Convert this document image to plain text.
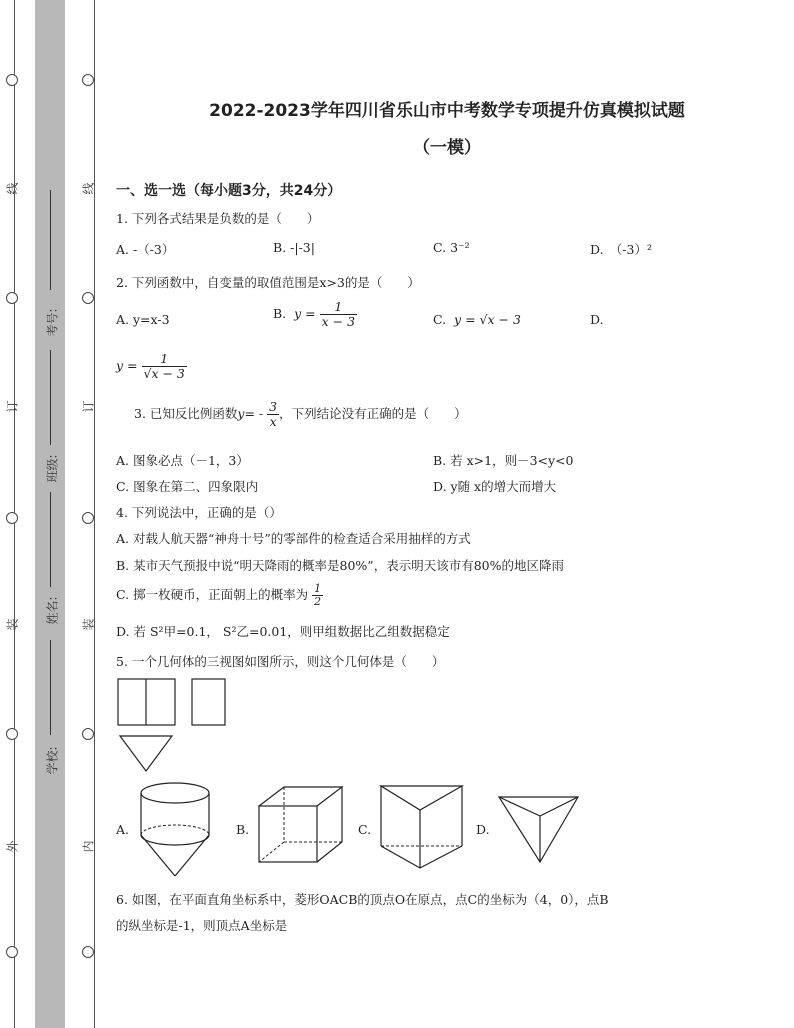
线
订
装
外
线
订
装
内
考号:
班级:
姓名:
学校:
2022-2023学年四川省乐山市中考数学专项提升仿真模拟试题
（一模）
一、选一选（每小题3分，共24分）
1. 下列各式结果是负数的是（　　）
A. -（-3）	B. -|-3|	C. 3⁻²	D.　（-3）²
2. 下列函数中，自变量的取值范围是x>3的是（　　）
A. y=x-3	B. $y = \frac{1}{x - 3}$	C. y = √x − 3	D.
$y = \frac{1}{√x - 3}$
3. 已知反比例函数$y= - \frac{3}{x}$ ，下列结论没有正确的是（　　）
A. 图象必点（－1，3）	B. 若 x>1，则－3<y<0
C. 图象在第二、四象限内	D. y随 x的增大而增大
4. 下列说法中，正确的是（）
A. 对载人航天器“神舟十号”的零部件的检查适合采用抽样的方式
B. 某市天气预报中说“明天降雨的概率是80%”，表示明天该市有80%的地区降雨
C. 掷一枚硬币，正面朝上的概率为 $\frac{1}{2}$
D. 若 S²甲=0.1， S²乙=0.01，则甲组数据比乙组数据稳定
5. 一个几何体的三视图如图所示，则这个几何体是（　　）
A.	B.	C.	D.
6. 如图，在平面直角坐标系中，菱形OACB的顶点O在原点，点C的坐标为（4，0），点B
的纵坐标是-1，则顶点A坐标是
